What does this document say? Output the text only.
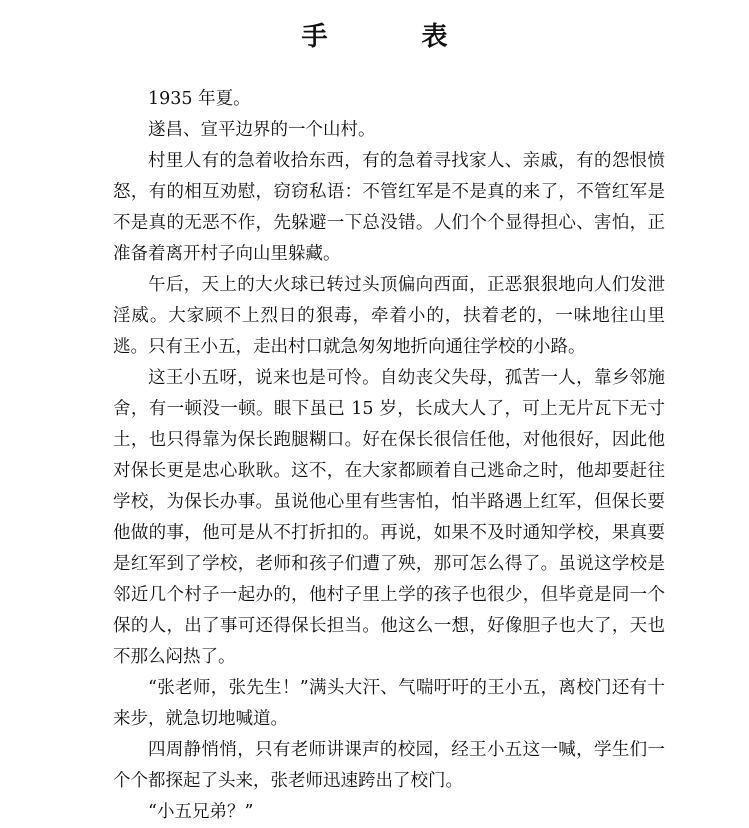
手　表

1935 年夏。

遂昌、宣平边界的一个山村。

村里人有的急着收拾东西，有的急着寻找家人、亲戚，有的怨恨愤怒，有的相互劝慰，窃窃私语：不管红军是不是真的来了，不管红军是不是真的无恶不作，先躲避一下总没错。人们个个显得担心、害怕，正准备着离开村子向山里躲藏。

午后，天上的大火球已转过头顶偏向西面，正恶狠狠地向人们发泄淫威。大家顾不上烈日的狠毒，牵着小的，扶着老的，一味地往山里逃。只有王小五，走出村口就急匆匆地折向通往学校的小路。

这王小五呀，说来也是可怜。自幼丧父失母，孤苦一人，靠乡邻施舍，有一顿没一顿。眼下虽已 15 岁，长成大人了，可上无片瓦下无寸土，也只得靠为保长跑腿糊口。好在保长很信任他，对他很好，因此他对保长更是忠心耿耿。这不，在大家都顾着自己逃命之时，他却要赶往学校，为保长办事。虽说他心里有些害怕，怕半路遇上红军，但保长要他做的事，他可是从不打折扣的。再说，如果不及时通知学校，果真要是红军到了学校，老师和孩子们遭了殃，那可怎么得了。虽说这学校是邻近几个村子一起办的，他村子里上学的孩子也很少，但毕竟是同一个保的人，出了事可还得保长担当。他这么一想，好像胆子也大了，天也不那么闷热了。

“张老师，张先生！”满头大汗、气喘吁吁的王小五，离校门还有十来步，就急切地喊道。

四周静悄悄，只有老师讲课声的校园，经王小五这一喊，学生们一个个都探起了头来，张老师迅速跨出了校门。

“小五兄弟？”
